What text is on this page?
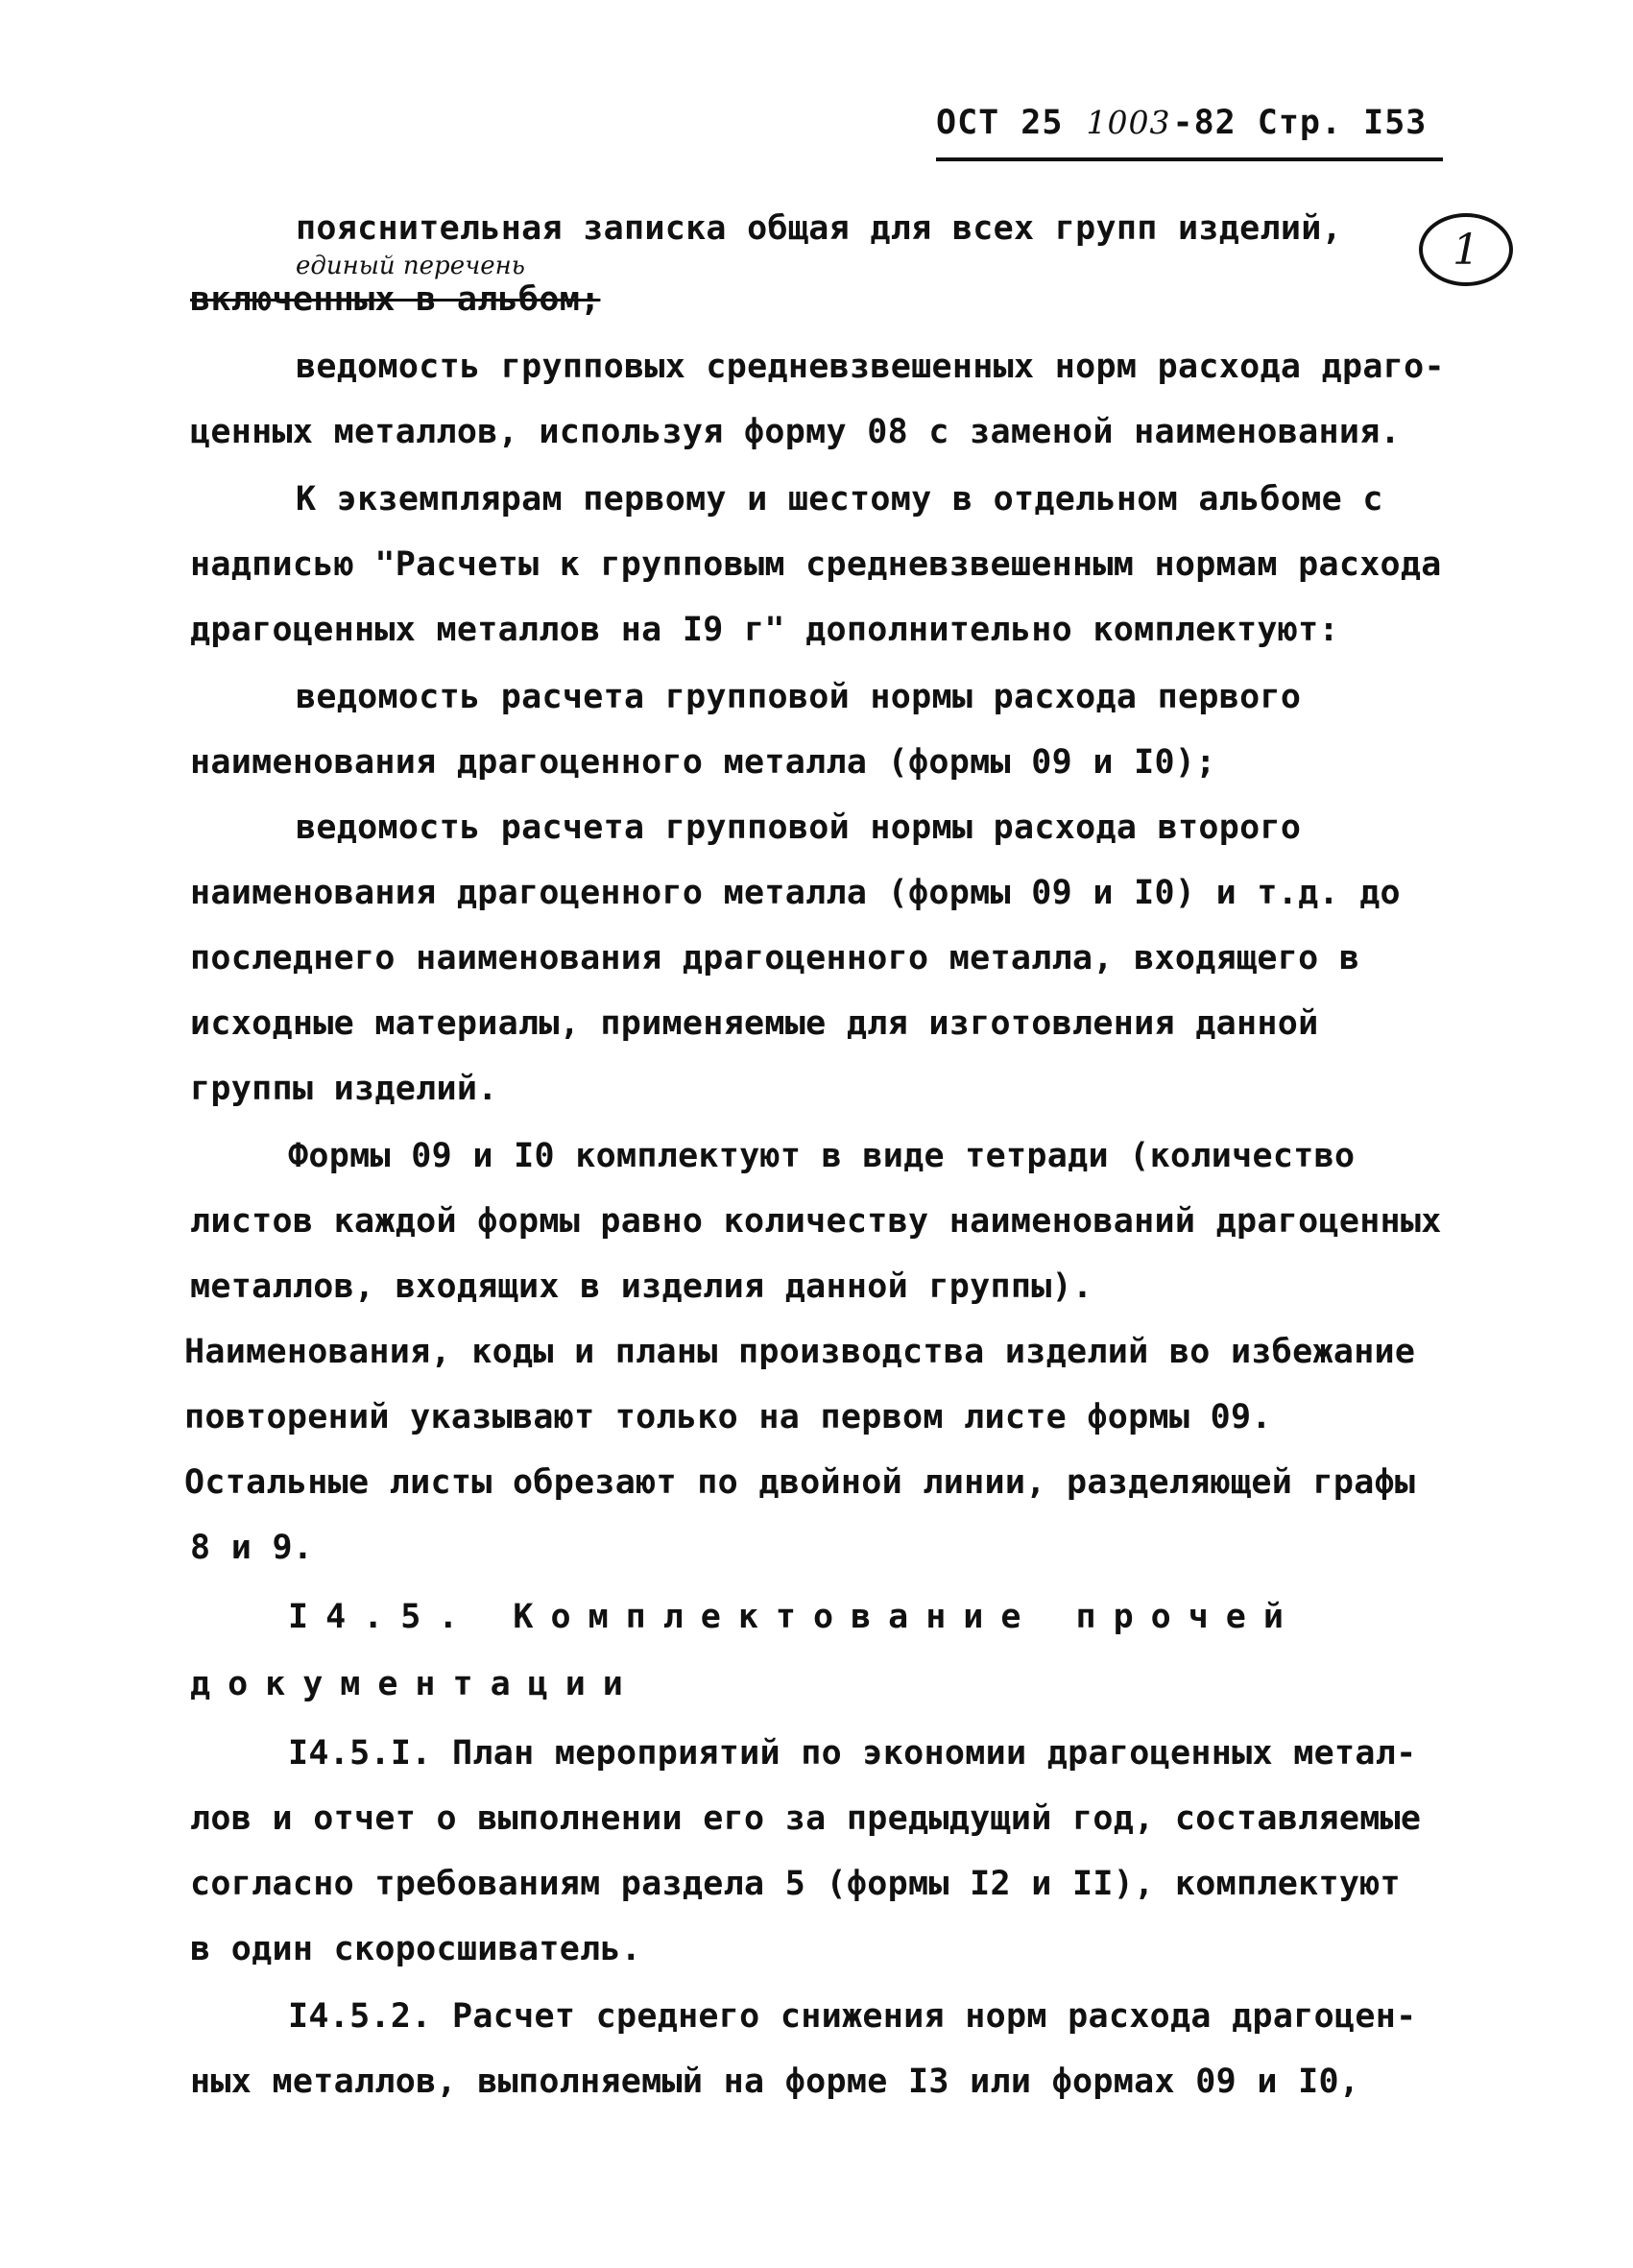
ОСТ 25 1003-82 Стр. I53
1
пояснительная записка общая для всех групп изделий,
единый перечень
включенных в альбом;
ведомость групповых средневзвешенных норм расхода драго-
ценных металлов, используя форму 08 с заменой наименования.
К экземплярам первому и шестому в отдельном альбоме с
надписью "Расчеты к групповым средневзвешенным нормам расхода
драгоценных металлов на I9 г" дополнительно комплектуют:
ведомость расчета групповой нормы расхода первого
наименования драгоценного металла (формы 09 и I0);
ведомость расчета групповой нормы расхода второго
наименования драгоценного металла (формы 09 и I0) и т.д. до
последнего наименования драгоценного металла, входящего в
исходные материалы, применяемые для изготовления данной
группы изделий.
Формы 09 и I0 комплектуют в виде тетради (количество
листов каждой формы равно количеству наименований драгоценных
металлов, входящих в изделия данной группы).
Наименования, коды и планы производства изделий во избежание
повторений указывают только на первом листе формы 09.
Остальные листы обрезают по двойной линии, разделяющей графы
8 и 9.
I4.5. Комплектование прочей
документации
I4.5.I. План мероприятий по экономии драгоценных метал-
лов и отчет о выполнении его за предыдущий год, составляемые
согласно требованиям раздела 5 (формы I2 и II), комплектуют
в один скоросшиватель.
I4.5.2. Расчет среднего снижения норм расхода драгоцен-
ных металлов, выполняемый на форме I3 или формах 09 и I0,
